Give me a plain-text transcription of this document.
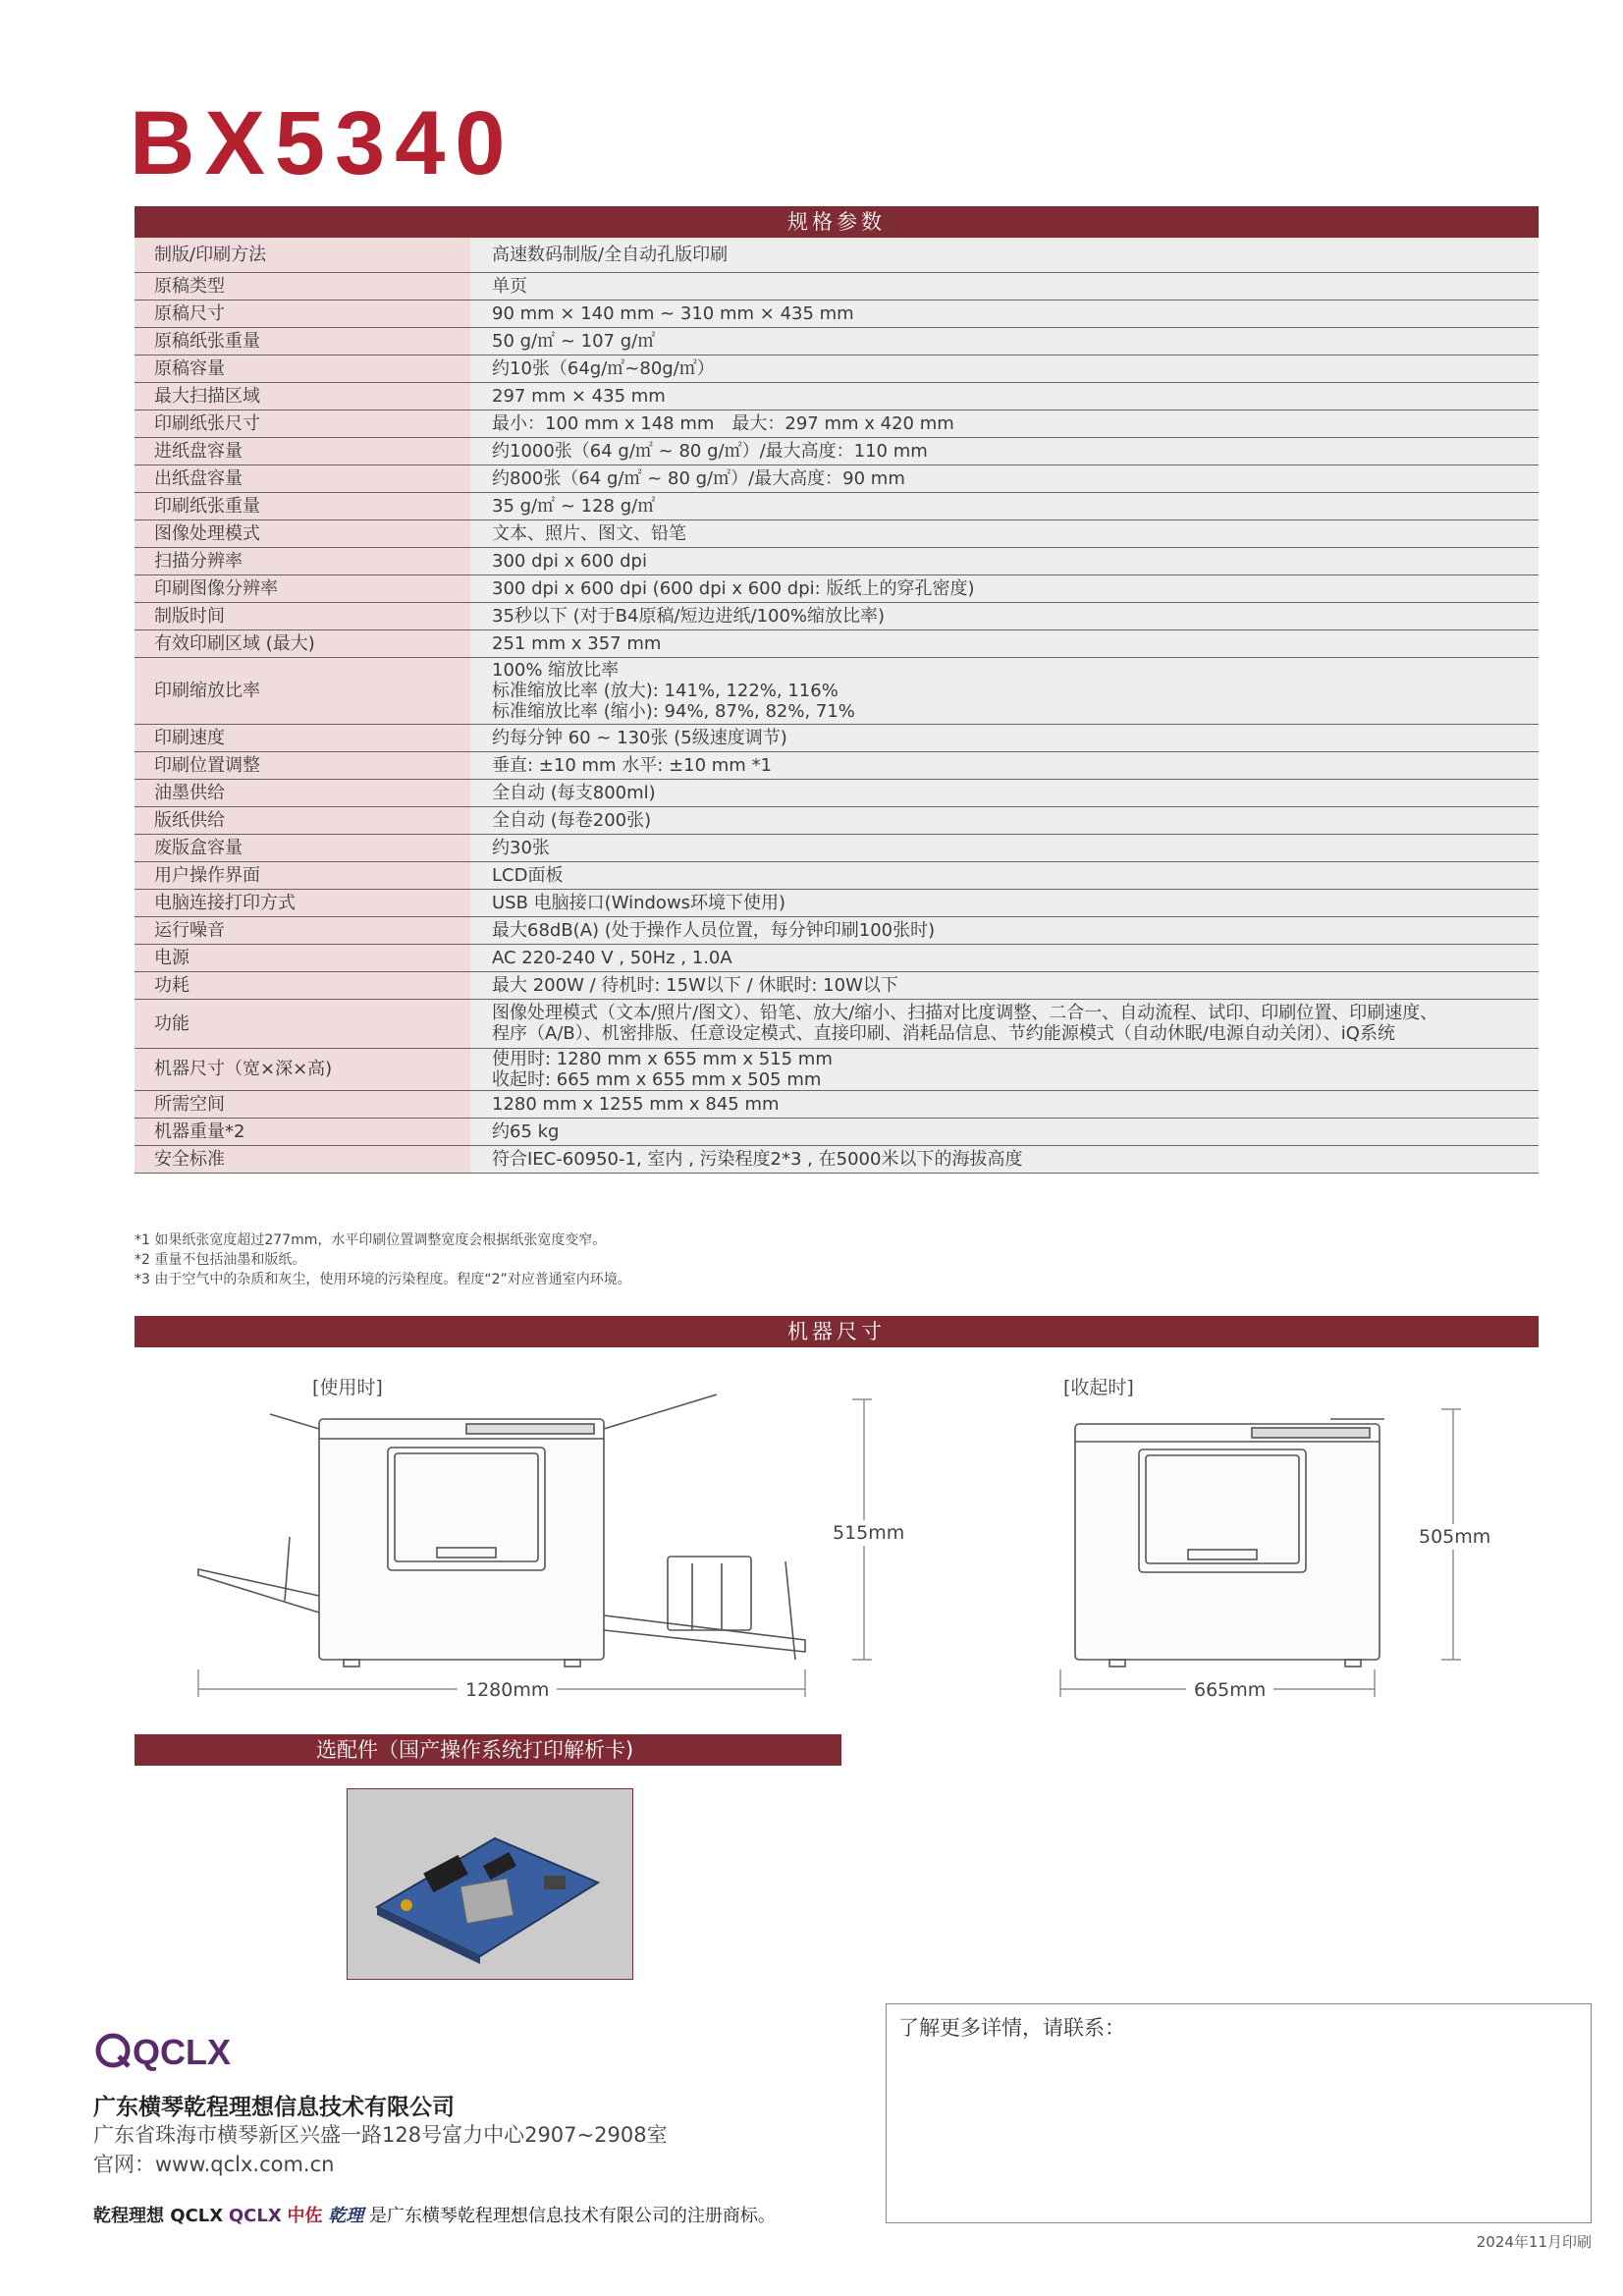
BX5340
规格参数
制版/印刷方法	高速数码制版/全自动孔版印刷

原稿类型	单页

原稿尺寸	90 mm × 140 mm ~ 310 mm × 435 mm

原稿纸张重量	50 g/㎡ ~ 107 g/㎡

原稿容量	约10张（64g/㎡~80g/㎡）

最大扫描区域	297 mm × 435 mm

印刷纸张尺寸	最小：100 mm x 148 mm　最大：297 mm x 420 mm

进纸盘容量	约1000张（64 g/㎡ ~ 80 g/㎡）/最大高度：110 mm

出纸盘容量	约800张（64 g/㎡ ~ 80 g/㎡）/最大高度：90 mm

印刷纸张重量	35 g/㎡ ~ 128 g/㎡

图像处理模式	文本、照片、图文、铅笔

扫描分辨率	300 dpi x 600 dpi

印刷图像分辨率	300 dpi x 600 dpi (600 dpi x 600 dpi: 版纸上的穿孔密度)

制版时间	35秒以下 (对于B4原稿/短边进纸/100%缩放比率)

有效印刷区域 (最大)	251 mm x 357 mm

印刷缩放比率	100% 缩放比率
标准缩放比率 (放大): 141%, 122%, 116%
标准缩放比率 (缩小): 94%, 87%, 82%, 71%

印刷速度	约每分钟 60 ~ 130张 (5级速度调节)

印刷位置调整	垂直: ±10 mm 水平: ±10 mm *1

油墨供给	全自动 (每支800ml)

版纸供给	全自动 (每卷200张)

废版盒容量	约30张

用户操作界面	LCD面板

电脑连接打印方式	USB 电脑接口(Windows环境下使用)

运行噪音	最大68dB(A) (处于操作人员位置，每分钟印刷100张时)

电源	AC 220-240 V , 50Hz , 1.0A

功耗	最大 200W / 待机时: 15W以下 / 休眠时: 10W以下

功能	图像处理模式（文本/照片/图文）、铅笔、放大/缩小、扫描对比度调整、二合一、自动流程、试印、印刷位置、印刷速度、
程序（A/B）、机密排版、任意设定模式、直接印刷、消耗品信息、节约能源模式（自动休眠/电源自动关闭）、iQ系统

机器尺寸（宽×深×高)	使用时: 1280 mm x 655 mm x 515 mm
收起时: 665 mm x 655 mm x 505 mm

所需空间	1280 mm x 1255 mm x 845 mm

机器重量*2	约65 kg

安全标准	符合IEC-60950-1, 室内 , 污染程度2*3 , 在5000米以下的海拔高度
*1 如果纸张宽度超过277mm，水平印刷位置调整宽度会根据纸张宽度变窄。
*2 重量不包括油墨和版纸。
*3 由于空气中的杂质和灰尘，使用环境的污染程度。程度“2”对应普通室内环境。
机器尺寸
[使用时]
515mm
1280mm
[收起时]
505mm
665mm
选配件（国产操作系统打印解析卡)
QCLX
广东横琴乾程理想信息技术有限公司
广东省珠海市横琴新区兴盛一路128号富力中心2907~2908室
官网：www.qclx.com.cn
乾程理想 QCLX QCLX 中佐 乾理 是广东横琴乾程理想信息技术有限公司的注册商标。
了解更多详情，请联系：
2024年11月印刷
